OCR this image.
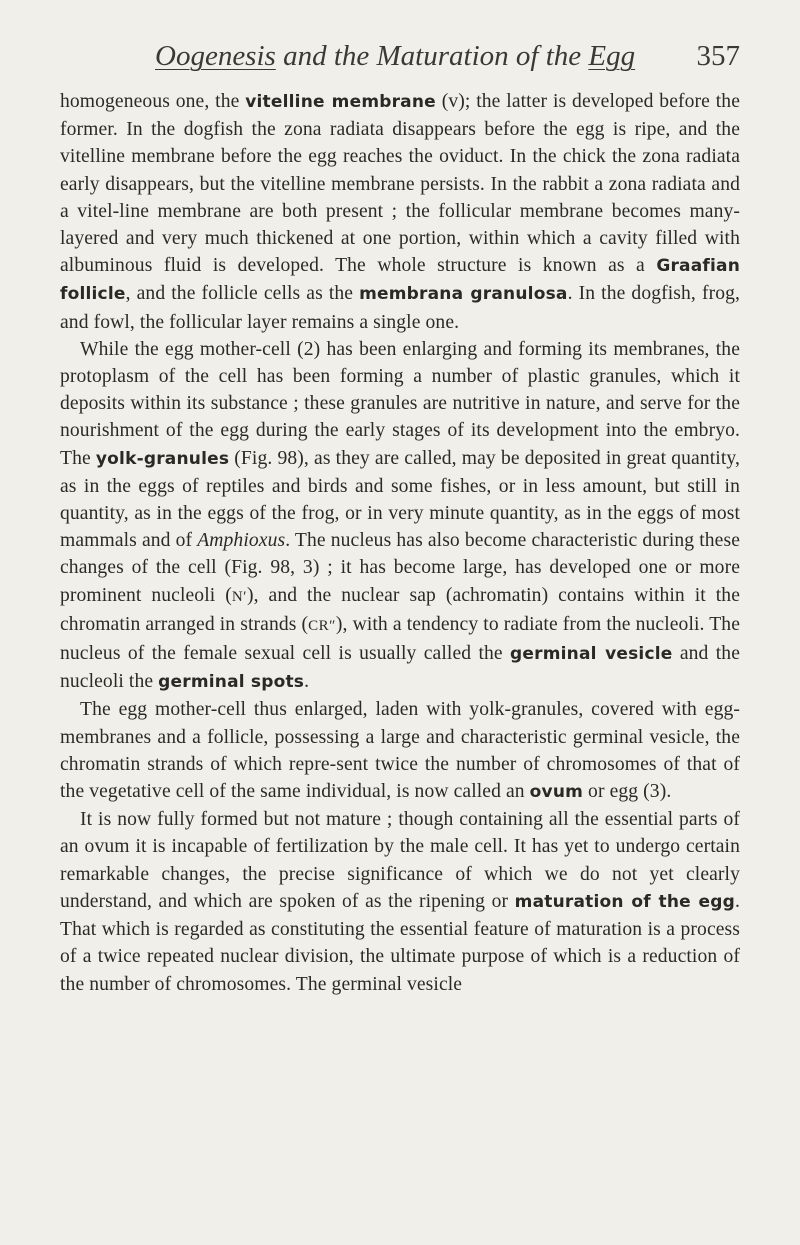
Oogenesis and the Maturation of the Egg 357

homogeneous one, the vitelline membrane (v); the latter is developed before the former. In the dogfish the zona radiata disappears before the egg is ripe, and the vitelline membrane before the egg reaches the oviduct. In the chick the zona radiata early disappears, but the vitelline membrane persists. In the rabbit a zona radiata and a vitel-line membrane are both present ; the follicular membrane becomes many-layered and very much thickened at one portion, within which a cavity filled with albuminous fluid is developed. The whole structure is known as a Graafian follicle, and the follicle cells as the membrana granulosa. In the dogfish, frog, and fowl, the follicular layer remains a single one.

While the egg mother-cell (2) has been enlarging and forming its membranes, the protoplasm of the cell has been forming a number of plastic granules, which it deposits within its substance ; these granules are nutritive in nature, and serve for the nourishment of the egg during the early stages of its development into the embryo. The yolk-granules (Fig. 98), as they are called, may be deposited in great quantity, as in the eggs of reptiles and birds and some fishes, or in less amount, but still in quantity, as in the eggs of the frog, or in very minute quantity, as in the eggs of most mammals and of Amphioxus. The nucleus has also become characteristic during these changes of the cell (Fig. 98, 3) ; it has become large, has developed one or more prominent nucleoli (N′), and the nuclear sap (achromatin) contains within it the chromatin arranged in strands (CR″), with a tendency to radiate from the nucleoli. The nucleus of the female sexual cell is usually called the germinal vesicle and the nucleoli the germinal spots.

The egg mother-cell thus enlarged, laden with yolk-granules, covered with egg-membranes and a follicle, possessing a large and characteristic germinal vesicle, the chromatin strands of which repre-sent twice the number of chromosomes of that of the vegetative cell of the same individual, is now called an ovum or egg (3).

It is now fully formed but not mature ; though containing all the essential parts of an ovum it is incapable of fertilization by the male cell. It has yet to undergo certain remarkable changes, the precise significance of which we do not yet clearly understand, and which are spoken of as the ripening or maturation of the egg. That which is regarded as constituting the essential feature of maturation is a process of a twice repeated nuclear division, the ultimate purpose of which is a reduction of the number of chromosomes. The germinal vesicle
